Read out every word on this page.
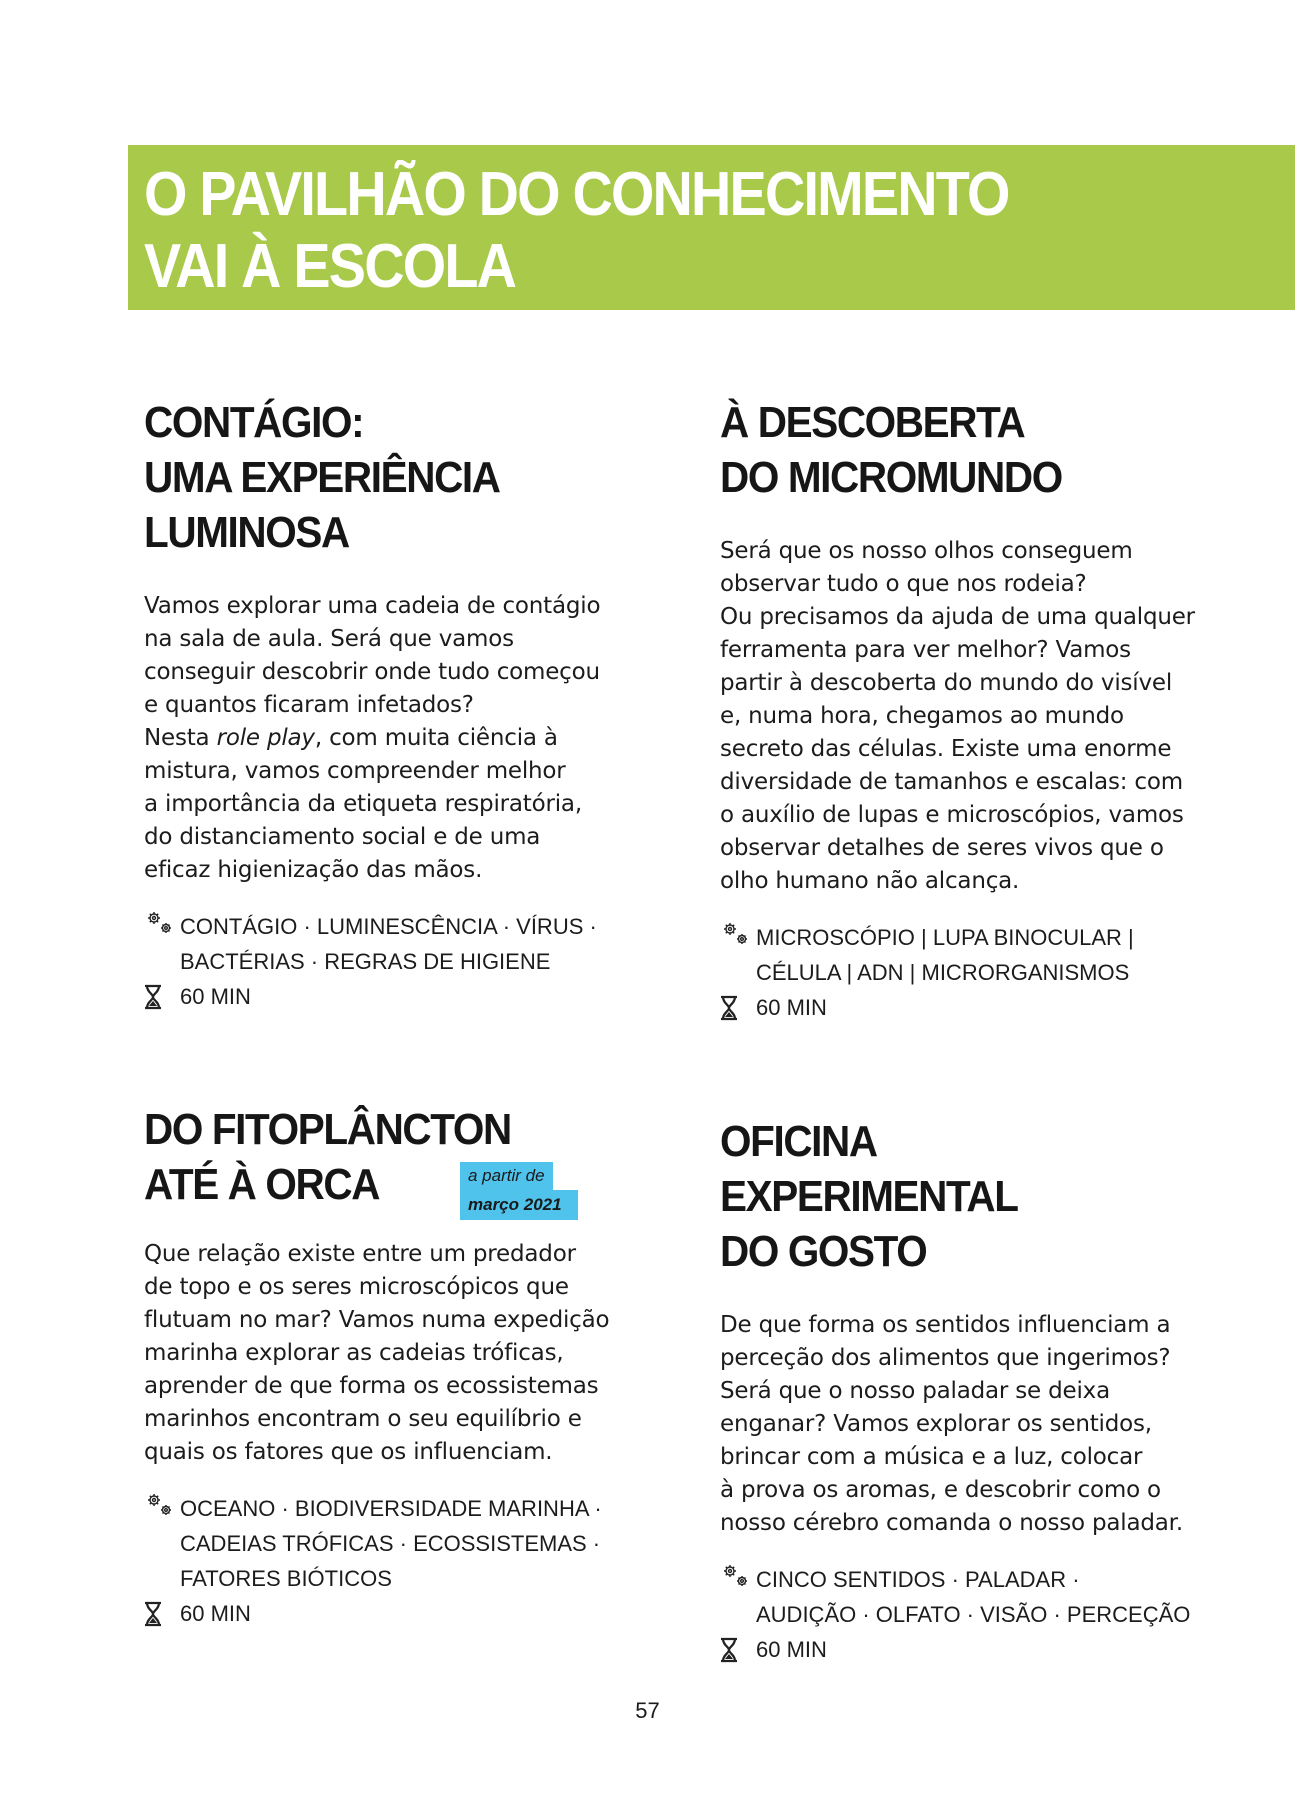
O PAVILHÃO DO CONHECIMENTO
VAI À ESCOLA
CONTÁGIO:
UMA EXPERIÊNCIA
LUMINOSA

Vamos explorar uma cadeia de contágio
na sala de aula. Será que vamos
conseguir descobrir onde tudo começou
e quantos ficaram infetados?
Nesta role play, com muita ciência à
mistura, vamos compreender melhor
a importância da etiqueta respiratória,
do distanciamento social e de uma
eficaz higienização das mãos.

CONTÁGIO · LUMINESCÊNCIA · VÍRUS ·
BACTÉRIAS · REGRAS DE HIGIENE
60 MIN
À DESCOBERTA
DO MICROMUNDO

Será que os nosso olhos conseguem
observar tudo o que nos rodeia?
Ou precisamos da ajuda de uma qualquer
ferramenta para ver melhor? Vamos
partir à descoberta do mundo do visível
e, numa hora, chegamos ao mundo
secreto das células. Existe uma enorme
diversidade de tamanhos e escalas: com
o auxílio de lupas e microscópios, vamos
observar detalhes de seres vivos que o
olho humano não alcança.

MICROSCÓPIO | LUPA BINOCULAR |
CÉLULA | ADN | MICRORGANISMOS
60 MIN
DO FITOPLÂNCTON
ATÉ À ORCA	a partir de
março 2021

Que relação existe entre um predador
de topo e os seres microscópicos que
flutuam no mar? Vamos numa expedição
marinha explorar as cadeias tróficas,
aprender de que forma os ecossistemas
marinhos encontram o seu equilíbrio e
quais os fatores que os influenciam.

OCEANO · BIODIVERSIDADE MARINHA ·
CADEIAS TRÓFICAS · ECOSSISTEMAS ·
FATORES BIÓTICOS
60 MIN
OFICINA
EXPERIMENTAL
DO GOSTO

De que forma os sentidos influenciam a
perceção dos alimentos que ingerimos?
Será que o nosso paladar se deixa
enganar? Vamos explorar os sentidos,
brincar com a música e a luz, colocar
à prova os aromas, e descobrir como o
nosso cérebro comanda o nosso paladar.

CINCO SENTIDOS · PALADAR ·
AUDIÇÃO · OLFATO · VISÃO · PERCEÇÃO
60 MIN
57
